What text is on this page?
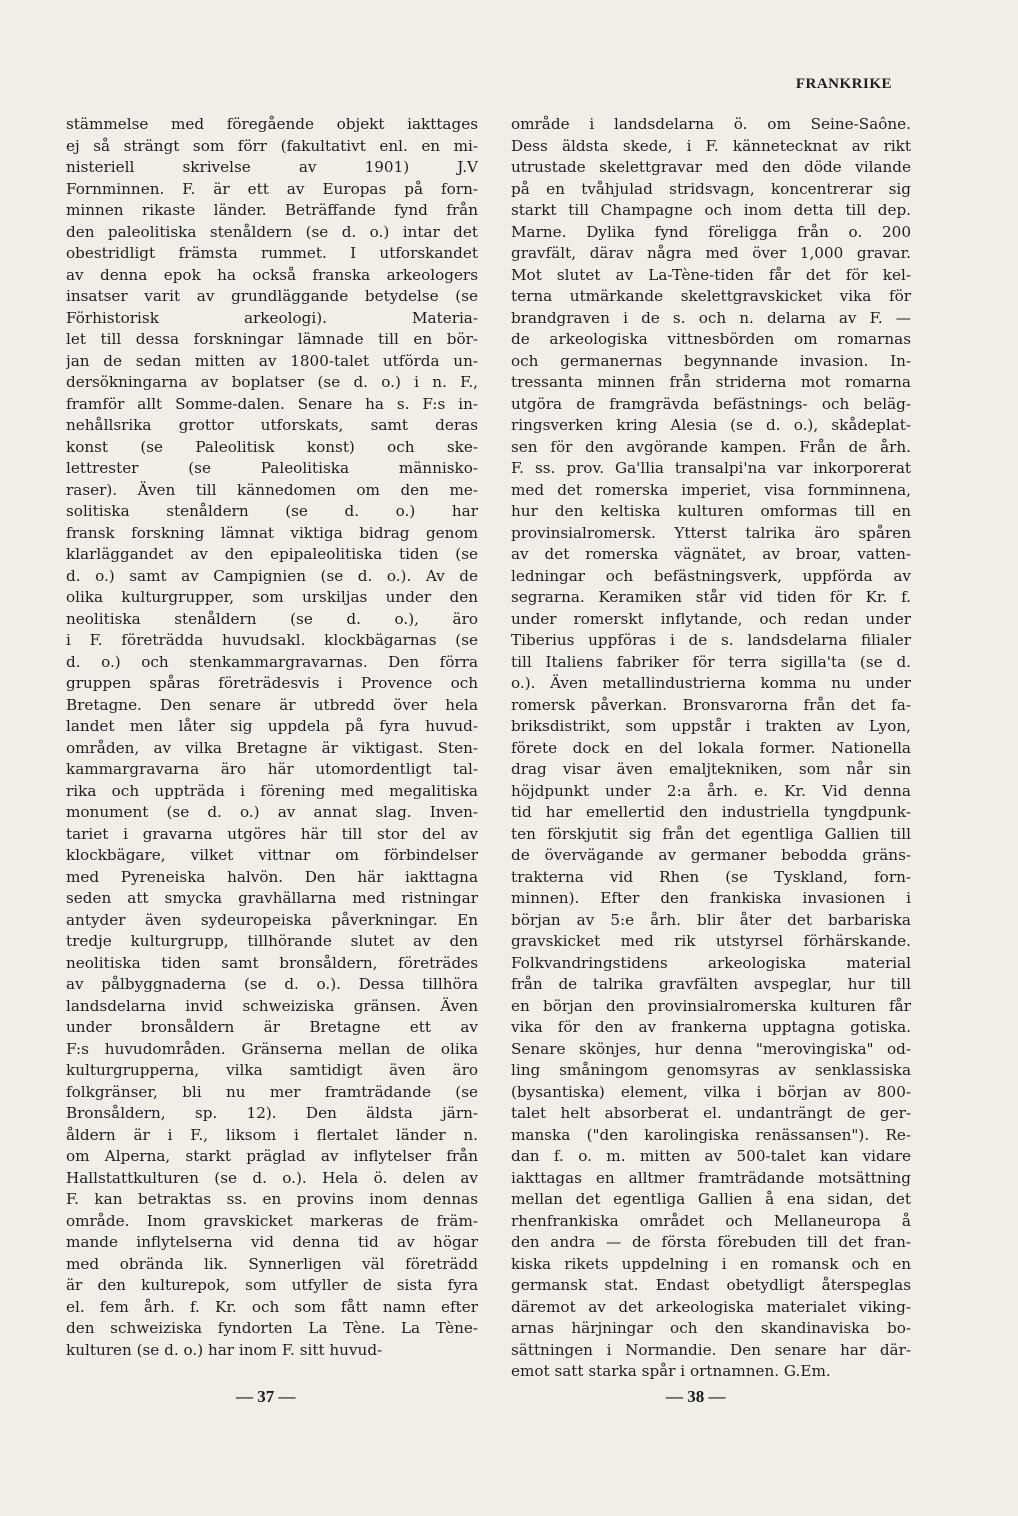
FRANKRIKE
stämmelse med föregående objekt iakttages
ej så strängt som förr (fakultativt enl. en mi-
nisteriell skrivelse av 1901) J.V
Fornminnen. F. är ett av Europas på forn-
minnen rikaste länder. Beträffande fynd från
den paleolitiska stenåldern (se d. o.) intar det
obestridligt främsta rummet. I utforskandet
av denna epok ha också franska arkeologers
insatser varit av grundläggande betydelse (se
Förhistorisk arkeologi). Materia-
let till dessa forskningar lämnade till en bör-
jan de sedan mitten av 1800-talet utförda un-
dersökningarna av boplatser (se d. o.) i n. F.,
framför allt Somme-dalen. Senare ha s. F:s in-
nehållsrika grottor utforskats, samt deras
konst (se Paleolitisk konst) och ske-
lettrester (se Paleolitiska människo-
raser). Även till kännedomen om den me-
solitiska stenåldern (se d. o.) har
fransk forskning lämnat viktiga bidrag genom
klarläggandet av den epipaleolitiska tiden (se
d. o.) samt av Campignien (se d. o.). Av de
olika kulturgrupper, som urskiljas under den
neolitiska stenåldern (se d. o.), äro
i F. företrädda huvudsakl. klockbägarnas (se
d. o.) och stenkammargravarnas. Den förra
gruppen spåras företrädesvis i Provence och
Bretagne. Den senare är utbredd över hela
landet men låter sig uppdela på fyra huvud-
områden, av vilka Bretagne är viktigast. Sten-
kammargravarna äro här utomordentligt tal-
rika och uppträda i förening med megalitiska
monument (se d. o.) av annat slag. Inven-
tariet i gravarna utgöres här till stor del av
klockbägare, vilket vittnar om förbindelser
med Pyreneiska halvön. Den här iakttagna
seden att smycka gravhällarna med ristningar
antyder även sydeuropeiska påverkningar. En
tredje kulturgrupp, tillhörande slutet av den
neolitiska tiden samt bronsåldern, företrädes
av pålbyggnaderna (se d. o.). Dessa tillhöra
landsdelarna invid schweiziska gränsen. Även
under bronsåldern är Bretagne ett av
F:s huvudområden. Gränserna mellan de olika
kulturgrupperna, vilka samtidigt även äro
folkgränser, bli nu mer framträdande (se
Bronsåldern, sp. 12). Den äldsta järn-
åldern är i F., liksom i flertalet länder n.
om Alperna, starkt präglad av inflytelser från
Hallstattkulturen (se d. o.). Hela ö. delen av
F. kan betraktas ss. en provins inom dennas
område. Inom gravskicket markeras de främ-
mande inflytelserna vid denna tid av högar
med obrända lik. Synnerligen väl företrädd
är den kulturepok, som utfyller de sista fyra
el. fem årh. f. Kr. och som fått namn efter
den schweiziska fyndorten La Tène. La Tène-
kulturen (se d. o.) har inom F. sitt huvud-
område i landsdelarna ö. om Seine-Saône.
Dess äldsta skede, i F. kännetecknat av rikt
utrustade skelettgravar med den döde vilande
på en tvåhjulad stridsvagn, koncentrerar sig
starkt till Champagne och inom detta till dep.
Marne. Dylika fynd föreligga från o. 200
gravfält, därav några med över 1,000 gravar.
Mot slutet av La-Tène-tiden får det för kel-
terna utmärkande skelettgravskicket vika för
brandgraven i de s. och n. delarna av F. —
de arkeologiska vittnesbörden om romarnas
och germanernas begynnande invasion. In-
tressanta minnen från striderna mot romarna
utgöra de framgrävda befästnings- och beläg-
ringsverken kring Alesia (se d. o.), skådeplat-
sen för den avgörande kampen. Från de årh.
F. ss. prov. Ga'llia transalpi'na var inkorporerat
med det romerska imperiet, visa fornminnena,
hur den keltiska kulturen omformas till en
provinsialromersk. Ytterst talrika äro spåren
av det romerska vägnätet, av broar, vatten-
ledningar och befästningsverk, uppförda av
segrarna. Keramiken står vid tiden för Kr. f.
under romerskt inflytande, och redan under
Tiberius uppföras i de s. landsdelarna filialer
till Italiens fabriker för terra sigilla'ta (se d.
o.). Även metallindustrierna komma nu under
romersk påverkan. Bronsvarorna från det fa-
briksdistrikt, som uppstår i trakten av Lyon,
förete dock en del lokala former. Nationella
drag visar även emaljtekniken, som når sin
höjdpunkt under 2:a årh. e. Kr. Vid denna
tid har emellertid den industriella tyngdpunk-
ten förskjutit sig från det egentliga Gallien till
de övervägande av germaner bebodda gräns-
trakterna vid Rhen (se Tyskland, forn-
minnen). Efter den frankiska invasionen i
början av 5:e årh. blir åter det barbariska
gravskicket med rik utstyrsel förhärskande.
Folkvandringstidens arkeologiska material
från de talrika gravfälten avspeglar, hur till
en början den provinsialromerska kulturen får
vika för den av frankerna upptagna gotiska.
Senare skönjes, hur denna "merovingiska" od-
ling småningom genomsyras av senklassiska
(bysantiska) element, vilka i början av 800-
talet helt absorberat el. undanträngt de ger-
manska ("den karolingiska renässansen"). Re-
dan f. o. m. mitten av 500-talet kan vidare
iakttagas en alltmer framträdande motsättning
mellan det egentliga Gallien å ena sidan, det
rhenfrankiska området och Mellaneuropa å
den andra — de första förebuden till det fran-
kiska rikets uppdelning i en romansk och en
germansk stat. Endast obetydligt återspeglas
däremot av det arkeologiska materialet viking-
arnas härjningar och den skandinaviska bo-
sättningen i Normandie. Den senare har där-
emot satt starka spår i ortnamnen. G.Em.
— 37 —	— 38 —
